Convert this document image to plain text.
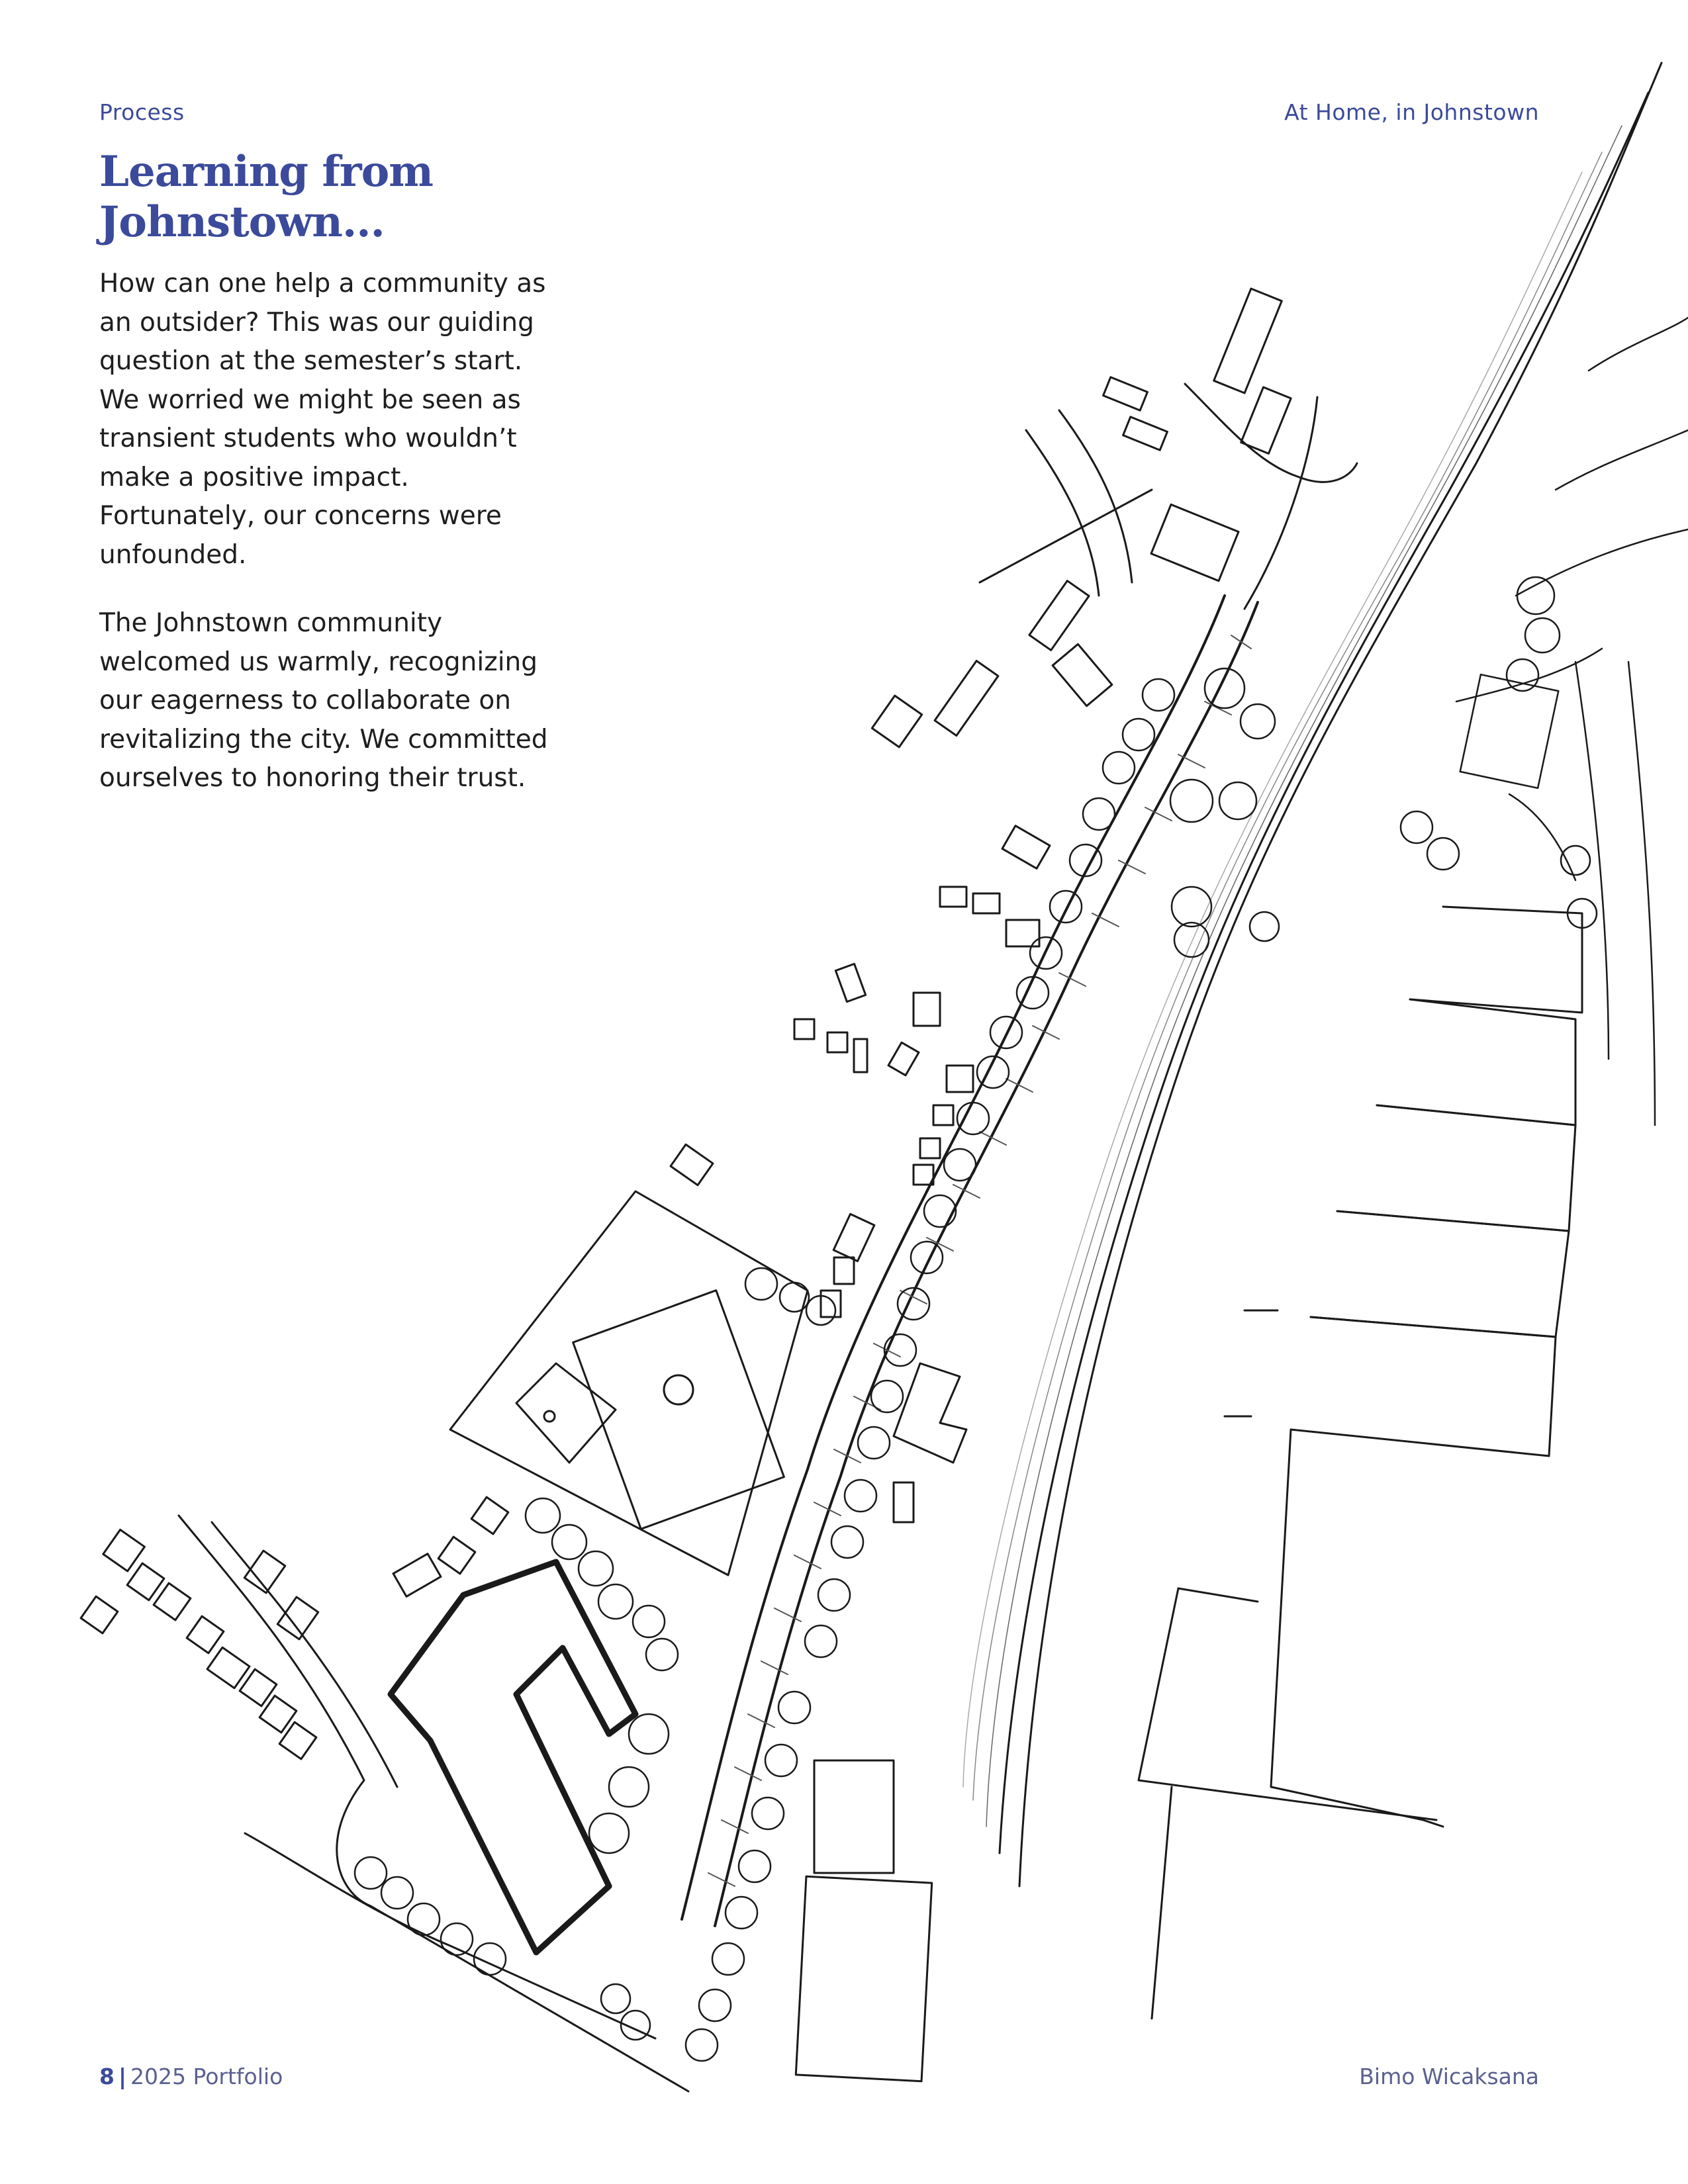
Process	At Home, in Johnstown
Learning from Johnstown...

How can one help a community as an outsider? This was our guiding question at the semester’s start. We worried we might be seen as transient students who wouldn’t make a positive impact. Fortunately, our concerns were unfounded.

The Johnstown community welcomed us warmly, recognizing our eagerness to collaborate on revitalizing the city. We committed ourselves to honoring their trust.

8 | 2025 Portfolio	Bimo Wicaksana
